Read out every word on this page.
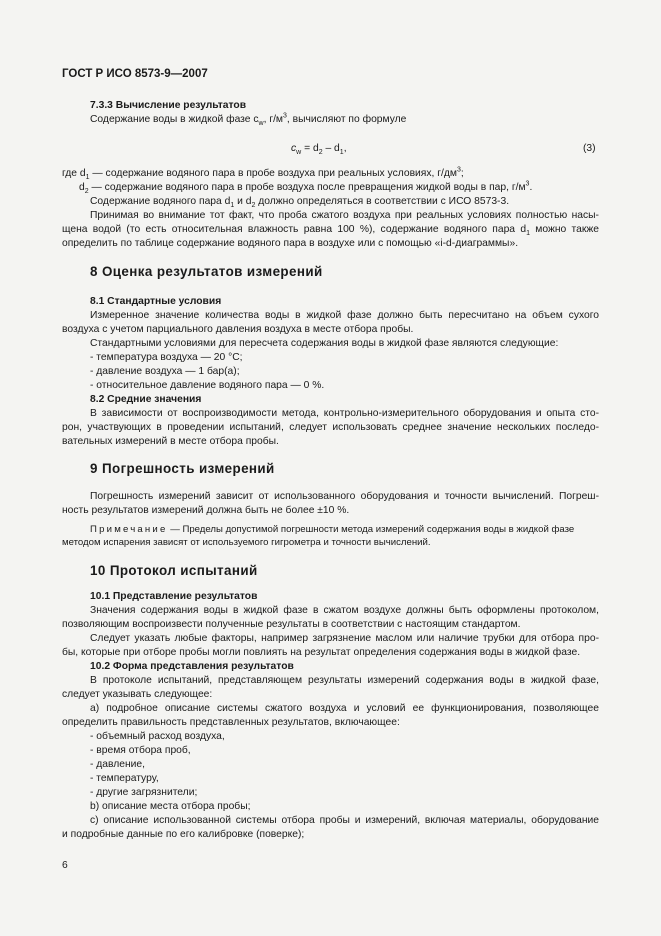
ГОСТ Р ИСО 8573-9—2007
7.3.3 Вычисление результатов
Содержание воды в жидкой фазе $c_w$, $г/м^3$, вычисляют по формуле
$c_w = d_2 - d_1$,	(3)
где $d_1$ — содержание водяного пара в пробе воздуха при реальных условиях, $г/дм^3$;
$d_2$ — содержание водяного пара в пробе воздуха после превращения жидкой воды в пар, $г/м^3$.
Содержание водяного пара $d_1$ и $d_2$ должно определяться в соответствии с ИСО 8573-3.
Принимая во внимание тот факт, что проба сжатого воздуха при реальных условиях полностью насы-
щена водой (то есть относительная влажность равна 100 %), содержание водяного пара $d_1$ можно также
определить по таблице содержание водяного пара в воздухе или с помощью «i-d-диаграммы».
8 Оценка результатов измерений
8.1 Стандартные условия
Измеренное значение количества воды в жидкой фазе должно быть пересчитано на объем сухого
воздуха с учетом парциального давления воздуха в месте отбора пробы.
Стандартными условиями для пересчета содержания воды в жидкой фазе являются следующие:
- температура воздуха — 20 °С;
- давление воздуха — 1 бар(а);
- относительное давление водяного пара — 0 %.
8.2 Средние значения
В зависимости от воспроизводимости метода, контрольно-измерительного оборудования и опыта сто-
рон, участвующих в проведении испытаний, следует использовать среднее значение нескольких последо-
вательных измерений в месте отбора пробы.
9 Погрешность измерений
Погрешность измерений зависит от использованного оборудования и точности вычислений. Погреш-
ность результатов измерений должна быть не более ±10 %.
Примечание — Пределы допустимой погрешности метода измерений содержания воды в жидкой фазе
методом испарения зависят от используемого гигрометра и точности вычислений.
10 Протокол испытаний
10.1 Представление результатов
Значения содержания воды в жидкой фазе в сжатом воздухе должны быть оформлены протоколом,
позволяющим воспроизвести полученные результаты в соответствии с настоящим стандартом.
Следует указать любые факторы, например загрязнение маслом или наличие трубки для отбора про-
бы, которые при отборе пробы могли повлиять на результат определения содержания воды в жидкой фазе.
10.2 Форма представления результатов
В протоколе испытаний, представляющем результаты измерений содержания воды в жидкой фазе,
следует указывать следующее:
а) подробное описание системы сжатого воздуха и условий ее функционирования, позволяющее
определить правильность представленных результатов, включающее:
- объемный расход воздуха,
- время отбора проб,
- давление,
- температуру,
- другие загрязнители;
b) описание места отбора пробы;
с) описание использованной системы отбора пробы и измерений, включая материалы, оборудование
и подробные данные по его калибровке (поверке);
6
